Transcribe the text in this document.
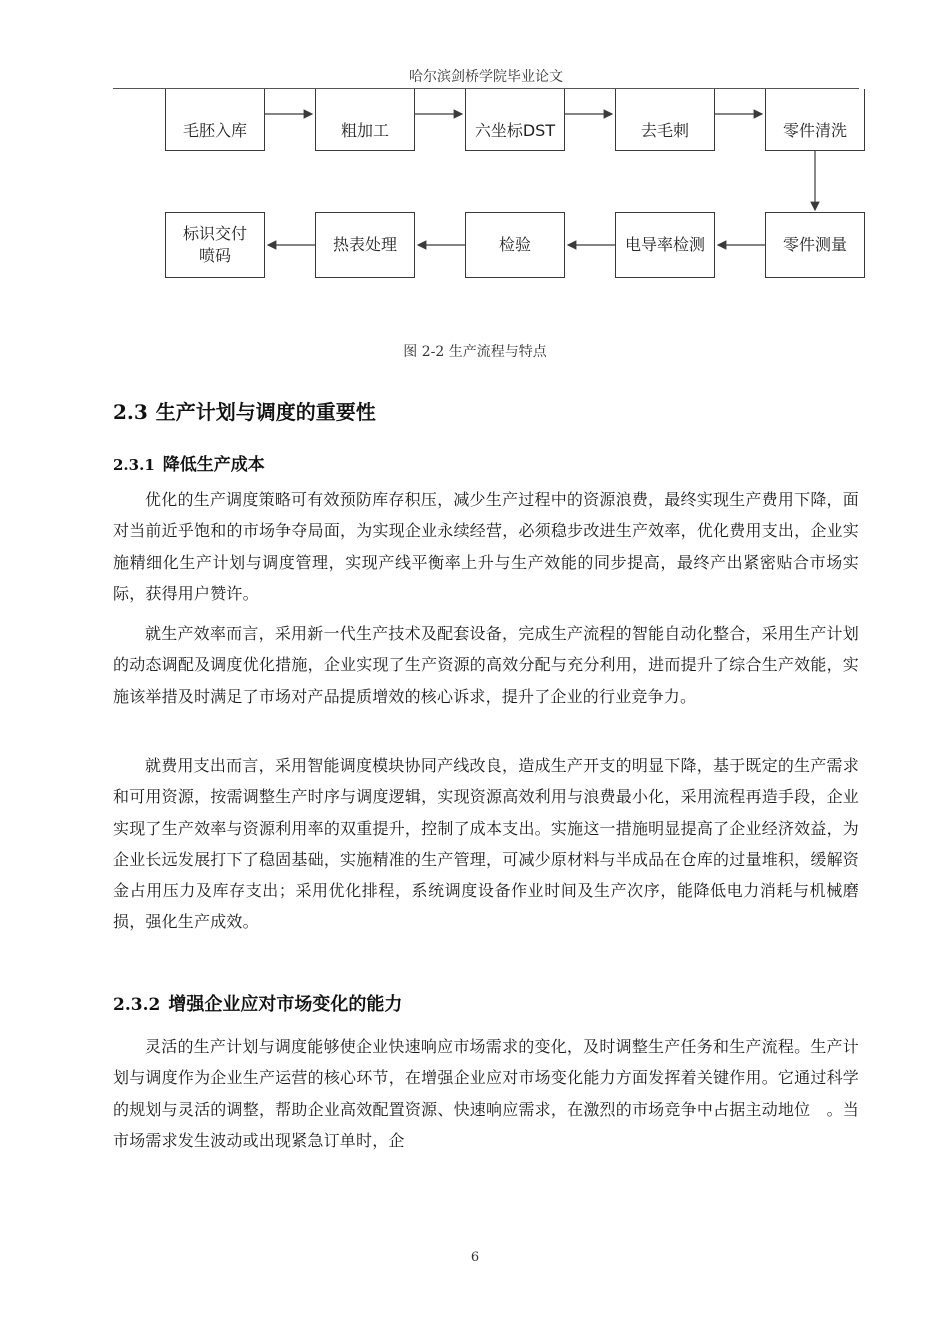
哈尔滨剑桥学院毕业论文
毛胚入库	粗加工	六坐标DST	去毛刺	零件清洗
标识交付
喷码
热表处理	检验	电导率检测	零件测量
图 2-2 生产流程与特点
2.3 生产计划与调度的重要性
2.3.1 降低生产成本

优化的生产调度策略可有效预防库存积压，减少生产过程中的资源浪费，最终实现生产费用下降，面对当前近乎饱和的市场争夺局面，为实现企业永续经营，必须稳步改进生产效率，优化费用支出，企业实施精细化生产计划与调度管理，实现产线平衡率上升与生产效能的同步提高，最终产出紧密贴合市场实际，获得用户赞许。

就生产效率而言，采用新一代生产技术及配套设备，完成生产流程的智能自动化整合，采用生产计划的动态调配及调度优化措施，企业实现了生产资源的高效分配与充分利用，进而提升了综合生产效能，实施该举措及时满足了市场对产品提质增效的核心诉求，提升了企业的行业竞争力。

就费用支出而言，采用智能调度模块协同产线改良，造成生产开支的明显下降，基于既定的生产需求和可用资源，按需调整生产时序与调度逻辑，实现资源高效利用与浪费最小化，采用流程再造手段，企业实现了生产效率与资源利用率的双重提升，控制了成本支出。实施这一措施明显提高了企业经济效益，为企业长远发展打下了稳固基础，实施精准的生产管理，可减少原材料与半成品在仓库的过量堆积，缓解资金占用压力及库存支出；采用优化排程，系统调度设备作业时间及生产次序，能降低电力消耗与机械磨损，强化生产成效。

2.3.2 增强企业应对市场变化的能力

灵活的生产计划与调度能够使企业快速响应市场需求的变化，及时调整生产任务和生产流程。生产计划与调度作为企业生产运营的核心环节，在增强企业应对市场变化能力方面发挥着关键作用。它通过科学的规划与灵活的调整，帮助企业高效配置资源、快速响应需求，在激烈的市场竞争中占据主动地位　。当市场需求发生波动或出现紧急订单时，企

6
